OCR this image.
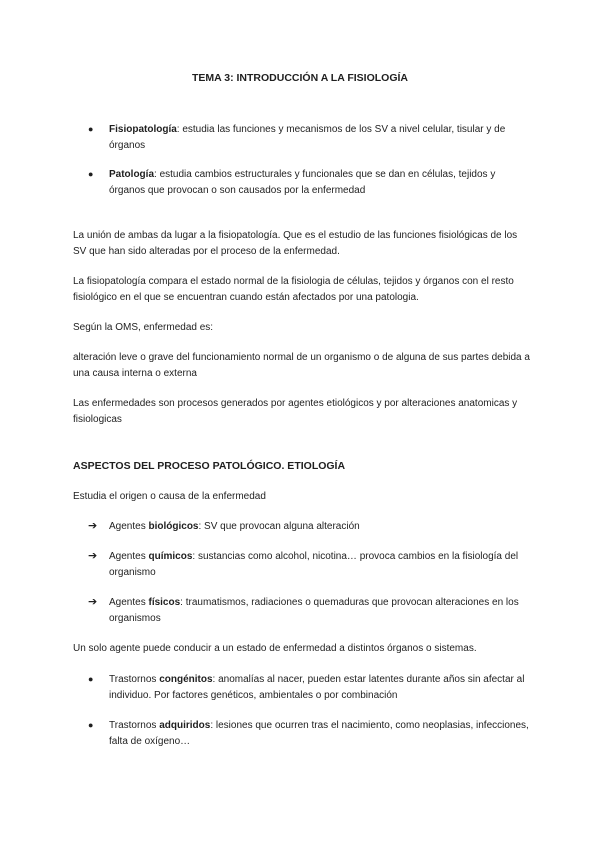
TEMA 3: INTRODUCCIÓN A LA FISIOLOGÍA
● Fisiopatología: estudia las funciones y mecanismos de los SV a nivel celular, tisular y de órganos
● Patología: estudia cambios estructurales y funcionales que se dan en células, tejidos y órganos que provocan o son causados por la enfermedad

La unión de ambas da lugar a la fisiopatología. Que es el estudio de las funciones fisiológicas de los SV que han sido alteradas por el proceso de la enfermedad.

La fisiopatología compara el estado normal de la fisiologia de células, tejidos y órganos con el resto fisiológico en el que se encuentran cuando están afectados por una patologia.

Según la OMS, enfermedad es:

alteración leve o grave del funcionamiento normal de un organismo o de alguna de sus partes debida a una causa interna o externa

Las enfermedades son procesos generados por agentes etiológicos y por alteraciones anatomicas y fisiologicas

ASPECTOS DEL PROCESO PATOLÓGICO. ETIOLOGÍA

Estudia el origen o causa de la enfermedad

➔ Agentes biológicos: SV que provocan alguna alteración
➔ Agentes químicos: sustancias como alcohol, nicotina… provoca cambios en la fisiología del organismo
➔ Agentes físicos: traumatismos, radiaciones o quemaduras que provocan alteraciones en los organismos

Un solo agente puede conducir a un estado de enfermedad a distintos órganos o sistemas.

● Trastornos congénitos: anomalías al nacer, pueden estar latentes durante años sin afectar al individuo. Por factores genéticos, ambientales o por combinación
● Trastornos adquiridos: lesiones que ocurren tras el nacimiento, como neoplasias, infecciones, falta de oxígeno…
